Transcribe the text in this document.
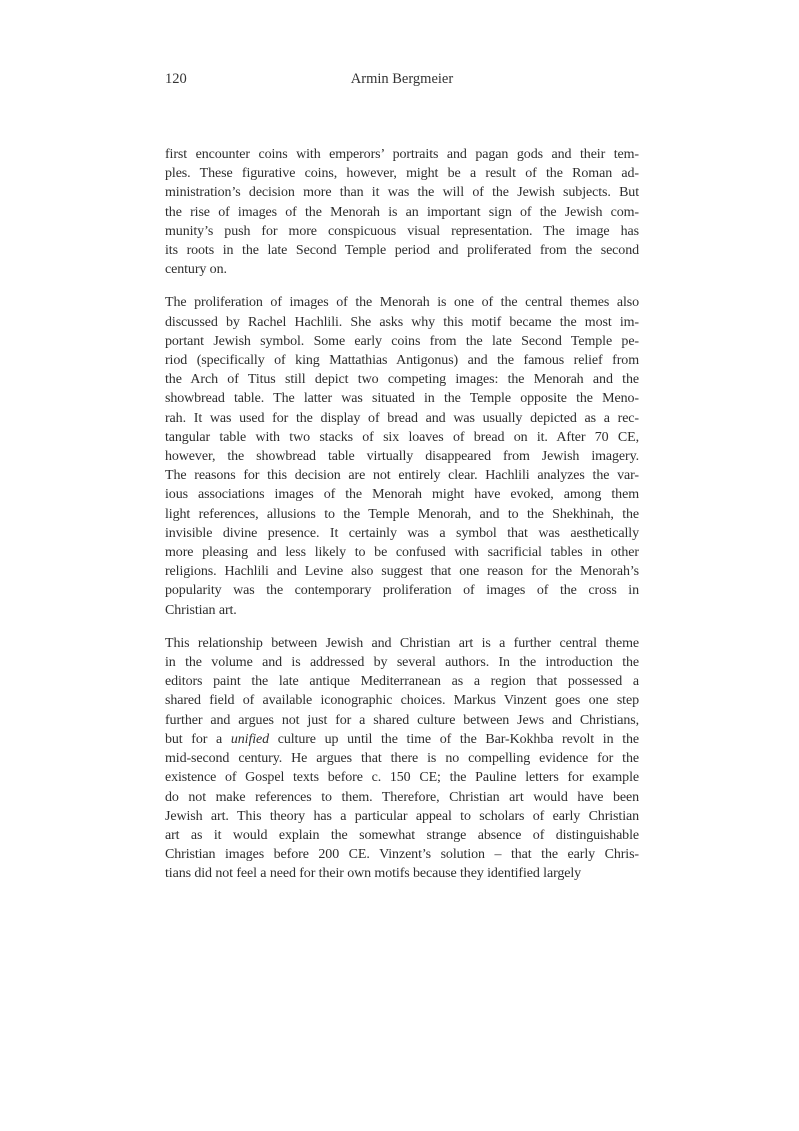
120	Armin Bergmeier
first encounter coins with emperors’ portraits and pagan gods and their tem-
ples. These figurative coins, however, might be a result of the Roman ad-
ministration’s decision more than it was the will of the Jewish subjects. But
the rise of images of the Menorah is an important sign of the Jewish com-
munity’s push for more conspicuous visual representation. The image has
its roots in the late Second Temple period and proliferated from the second
century on.
The proliferation of images of the Menorah is one of the central themes also
discussed by Rachel Hachlili. She asks why this motif became the most im-
portant Jewish symbol. Some early coins from the late Second Temple pe-
riod (specifically of king Mattathias Antigonus) and the famous relief from
the Arch of Titus still depict two competing images: the Menorah and the
showbread table. The latter was situated in the Temple opposite the Meno-
rah. It was used for the display of bread and was usually depicted as a rec-
tangular table with two stacks of six loaves of bread on it. After 70 CE,
however, the showbread table virtually disappeared from Jewish imagery.
The reasons for this decision are not entirely clear. Hachlili analyzes the var-
ious associations images of the Menorah might have evoked, among them
light references, allusions to the Temple Menorah, and to the Shekhinah, the
invisible divine presence. It certainly was a symbol that was aesthetically
more pleasing and less likely to be confused with sacrificial tables in other
religions. Hachlili and Levine also suggest that one reason for the Menorah’s
popularity was the contemporary proliferation of images of the cross in
Christian art.
This relationship between Jewish and Christian art is a further central theme
in the volume and is addressed by several authors. In the introduction the
editors paint the late antique Mediterranean as a region that possessed a
shared field of available iconographic choices. Markus Vinzent goes one step
further and argues not just for a shared culture between Jews and Christians,
but for a unified culture up until the time of the Bar-Kokhba revolt in the
mid-second century. He argues that there is no compelling evidence for the
existence of Gospel texts before c. 150 CE; the Pauline letters for example
do not make references to them. Therefore, Christian art would have been
Jewish art. This theory has a particular appeal to scholars of early Christian
art as it would explain the somewhat strange absence of distinguishable
Christian images before 200 CE. Vinzent’s solution – that the early Chris-
tians did not feel a need for their own motifs because they identified largely
